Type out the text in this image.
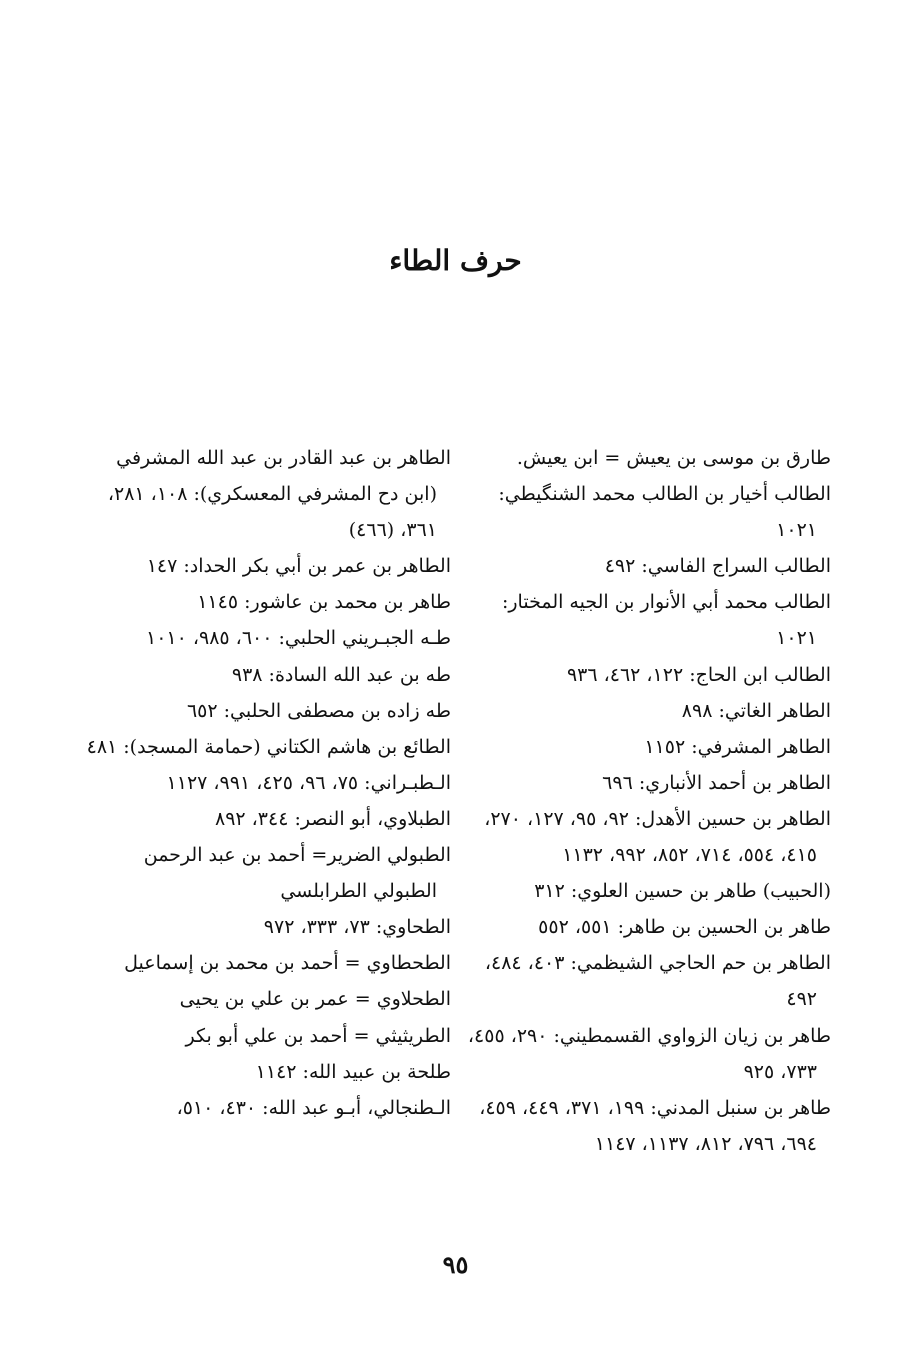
حرف الطاء

طارق بن موسى بن يعيش = ابن يعيش.

الطالب أخيار بن الطالب محمد الشنگيطي: ١٠٢١

الطالب السراج الفاسي: ٤٩٢

الطالب محمد أبي الأنوار بن الجيه المختار: ١٠٢١

الطالب ابن الحاج: ١٢٢، ٤٦٢، ٩٣٦

الطاهر الغاتي: ٨٩٨

الطاهر المشرفي: ١١٥٢

الطاهر بن أحمد الأنباري: ٦٩٦

الطاهر بن حسين الأهدل: ٩٢، ٩٥، ١٢٧، ٢٧٠، ٤١٥، ٥٥٤، ٧١٤، ٨٥٢، ٩٩٢، ١١٣٢

(الحبيب) طاهر بن حسين العلوي: ٣١٢

طاهر بن الحسين بن طاهر: ٥٥١، ٥٥٢

الطاهر بن حم الحاجي الشيظمي: ٤٠٣، ٤٨٤، ٤٩٢

طاهر بن زيان الزواوي القسمطيني: ٢٩٠، ٤٥٥، ٧٣٣، ٩٢٥

طاهر بن سنبل المدني: ١٩٩، ٣٧١، ٤٤٩، ٤٥٩، ٦٩٤، ٧٩٦، ٨١٢، ١١٣٧، ١١٤٧

الطاهر بن عبد القادر بن عبد الله المشرفي (ابن دح المشرفي المعسكري): ١٠٨، ٢٨١، ٣٦١، (٤٦٦)

الطاهر بن عمر بن أبي بكر الحداد: ١٤٧

طاهر بن محمد بن عاشور: ١١٤٥

طـه الجبـريني الحلبي: ٦٠٠، ٩٨٥، ١٠١٠

طه بن عبد الله السادة: ٩٣٨

طه زاده بن مصطفى الحلبي: ٦٥٢

الطائع بن هاشم الكتاني (حمامة المسجد): ٤٨١

الـطبـراني: ٧٥، ٩٦، ٤٢٥، ٩٩١، ١١٢٧

الطبلاوي، أبو النصر: ٣٤٤، ٨٩٢

الطبولي الضرير= أحمد بن عبد الرحمن الطبولي الطرابلسي

الطحاوي: ٧٣، ٣٣٣، ٩٧٢

الطحطاوي = أحمد بن محمد بن إسماعيل

الطحلاوي = عمر بن علي بن يحيى

الطريثيثي = أحمد بن علي أبو بكر

طلحة بن عبيد الله: ١١٤٢

الـطنجالي، أبـو عبد الله: ٤٣٠، ٥١٠،

٩٥
